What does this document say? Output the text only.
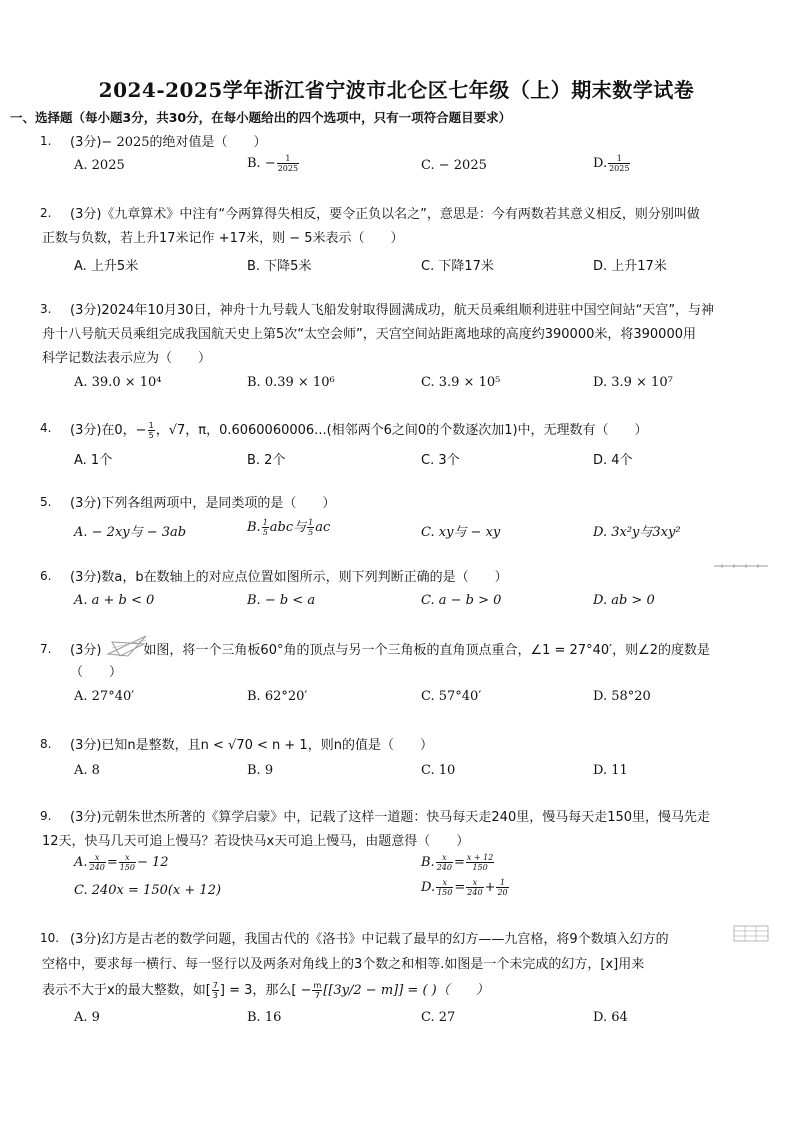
2024-2025学年浙江省宁波市北仑区七年级（上）期末数学试卷
一、选择题（每小题3分，共30分，在每小题给出的四个选项中，只有一项符合题目要求）
1.	(3分)− 2025的绝对值是（　　）
A. 2025	B. − $\frac{1}{2025}$	C. − 2025	D. $\frac{1}{2025}$
2.	(3分)《九章算术》中注有“今两算得失相反，要令正负以名之”，意思是：今有两数若其意义相反，则分别叫做
正数与负数，若上升17米记作 +17米，则 − 5米表示（　　）
A. 上升5米	B. 下降5米	C. 下降17米	D. 上升17米
3.	(3分)2024年10月30日，神舟十九号载人飞船发射取得圆满成功，航天员乘组顺利进驻中国空间站“天宫”，与神
舟十八号航天员乘组完成我国航天史上第5次“太空会师”，天宫空间站距离地球的高度约390000米，将390000用
科学记数法表示应为（　　）
A. 39.0 × 10⁴	B. 0.39 × 10⁶	C. 3.9 × 10⁵	D. 3.9 × 10⁷
4.	(3分)在0，− $\frac{1}{5}$ ，√7，π，0.6060060006...(相邻两个6之间0的个数逐次加1)中，无理数有（　　）
A. 1个	B. 2个	C. 3个	D. 4个
5.	(3分)下列各组两项中，是同类项的是（　　）
A. − 2xy与 − 3ab	B. $\frac{1}{5}$ abc与 $\frac{1}{5}$ ac	C. xy与 − xy	D. 3x²y与3xy²
6.	(3分)数a，b在数轴上的对应点位置如图所示，则下列判断正确的是（　　）
A. a + b < 0	B. − b < a	C. a − b > 0	D. ab > 0
7.	(3分)	如图，将一个三角板60°角的顶点与另一个三角板的直角顶点重合，∠1 = 27°40′，则∠2的度数是
（　　）
A. 27°40′	B. 62°20′	C. 57°40′	D. 58°20
8.	(3分)已知n是整数，且n < √70 < n + 1，则n的值是（　　）
A. 8	B. 9	C. 10	D. 11
9.	(3分)元朝朱世杰所著的《算学启蒙》中，记载了这样一道题：快马每天走240里，慢马每天走150里，慢马先走
12天，快马几天可追上慢马？若设快马x天可追上慢马，由题意得（　　）
A. $\frac{x}{240} = \frac{x}{150} - 12$	B. $\frac{x}{240} = \frac{x + 12}{150}$
C. 240x = 150(x + 12)	D. $\frac{x}{150} = \frac{x}{240} + \frac{1}{20}$
10. (3分)幻方是古老的数学问题，我国古代的《洛书》中记载了最早的幻方——九宫格，将9个数填入幻方的
空格中，要求每一横行、每一竖行以及两条对角线上的3个数之和相等.如图是一个未完成的幻方，[x]用来
表示不大于x的最大整数，如[ $\frac{7}{3}$ ] = 3，那么[ − $\frac{m}{7} [[3y/2 - m]]$ = ( )（　　）
A. 9	B. 16	C. 27	D. 64
